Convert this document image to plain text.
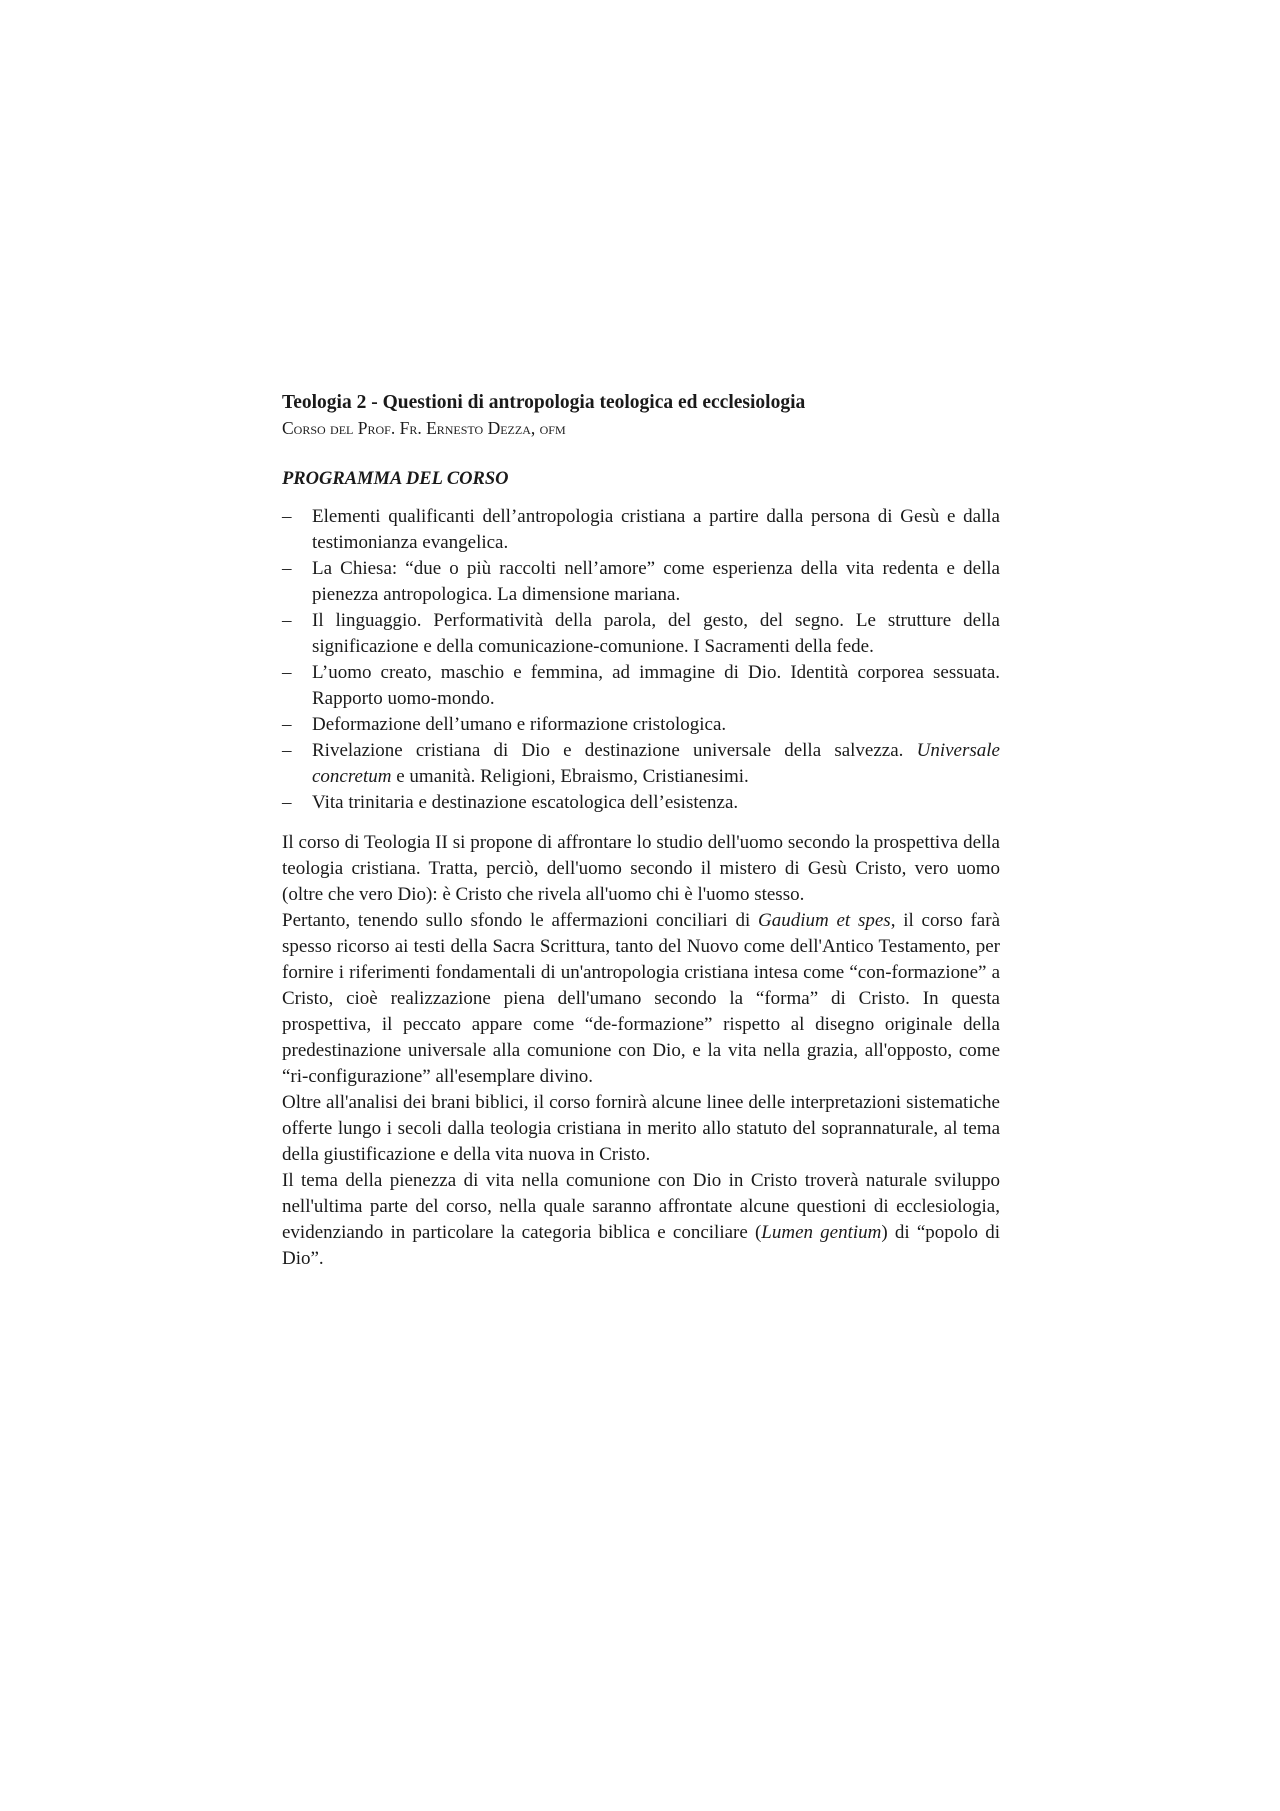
Teologia 2 - Questioni di antropologia teologica ed ecclesiologia

Corso del Prof. Fr. Ernesto Dezza, ofm

PROGRAMMA DEL CORSO

– Elementi qualificanti dell’antropologia cristiana a partire dalla persona di Gesù e dalla testimonianza evangelica.
– La Chiesa: “due o più raccolti nell’amore” come esperienza della vita redenta e della pienezza antropologica. La dimensione mariana.
– Il linguaggio. Performatività della parola, del gesto, del segno. Le strutture della significazione e della comunicazione-comunione. I Sacramenti della fede.
– L’uomo creato, maschio e femmina, ad immagine di Dio. Identità corporea sessuata. Rapporto uomo-mondo.
– Deformazione dell’umano e riformazione cristologica.
– Rivelazione cristiana di Dio e destinazione universale della salvezza. Universale concretum e umanità. Religioni, Ebraismo, Cristianesimi.
– Vita trinitaria e destinazione escatologica dell’esistenza.

Il corso di Teologia II si propone di affrontare lo studio dell'uomo secondo la prospettiva della teologia cristiana. Tratta, perciò, dell'uomo secondo il mistero di Gesù Cristo, vero uomo (oltre che vero Dio): è Cristo che rivela all'uomo chi è l'uomo stesso.

Pertanto, tenendo sullo sfondo le affermazioni conciliari di Gaudium et spes, il corso farà spesso ricorso ai testi della Sacra Scrittura, tanto del Nuovo come dell'Antico Testamento, per fornire i riferimenti fondamentali di un'antropologia cristiana intesa come “con-formazione” a Cristo, cioè realizzazione piena dell'umano secondo la “forma” di Cristo. In questa prospettiva, il peccato appare come “de-formazione” rispetto al disegno originale della predestinazione universale alla comunione con Dio, e la vita nella grazia, all'opposto, come “ri-configurazione” all'esemplare divino.

Oltre all'analisi dei brani biblici, il corso fornirà alcune linee delle interpretazioni sistematiche offerte lungo i secoli dalla teologia cristiana in merito allo statuto del soprannaturale, al tema della giustificazione e della vita nuova in Cristo.

Il tema della pienezza di vita nella comunione con Dio in Cristo troverà naturale sviluppo nell'ultima parte del corso, nella quale saranno affrontate alcune questioni di ecclesiologia, evidenziando in particolare la categoria biblica e conciliare (Lumen gentium) di “popolo di Dio”.
